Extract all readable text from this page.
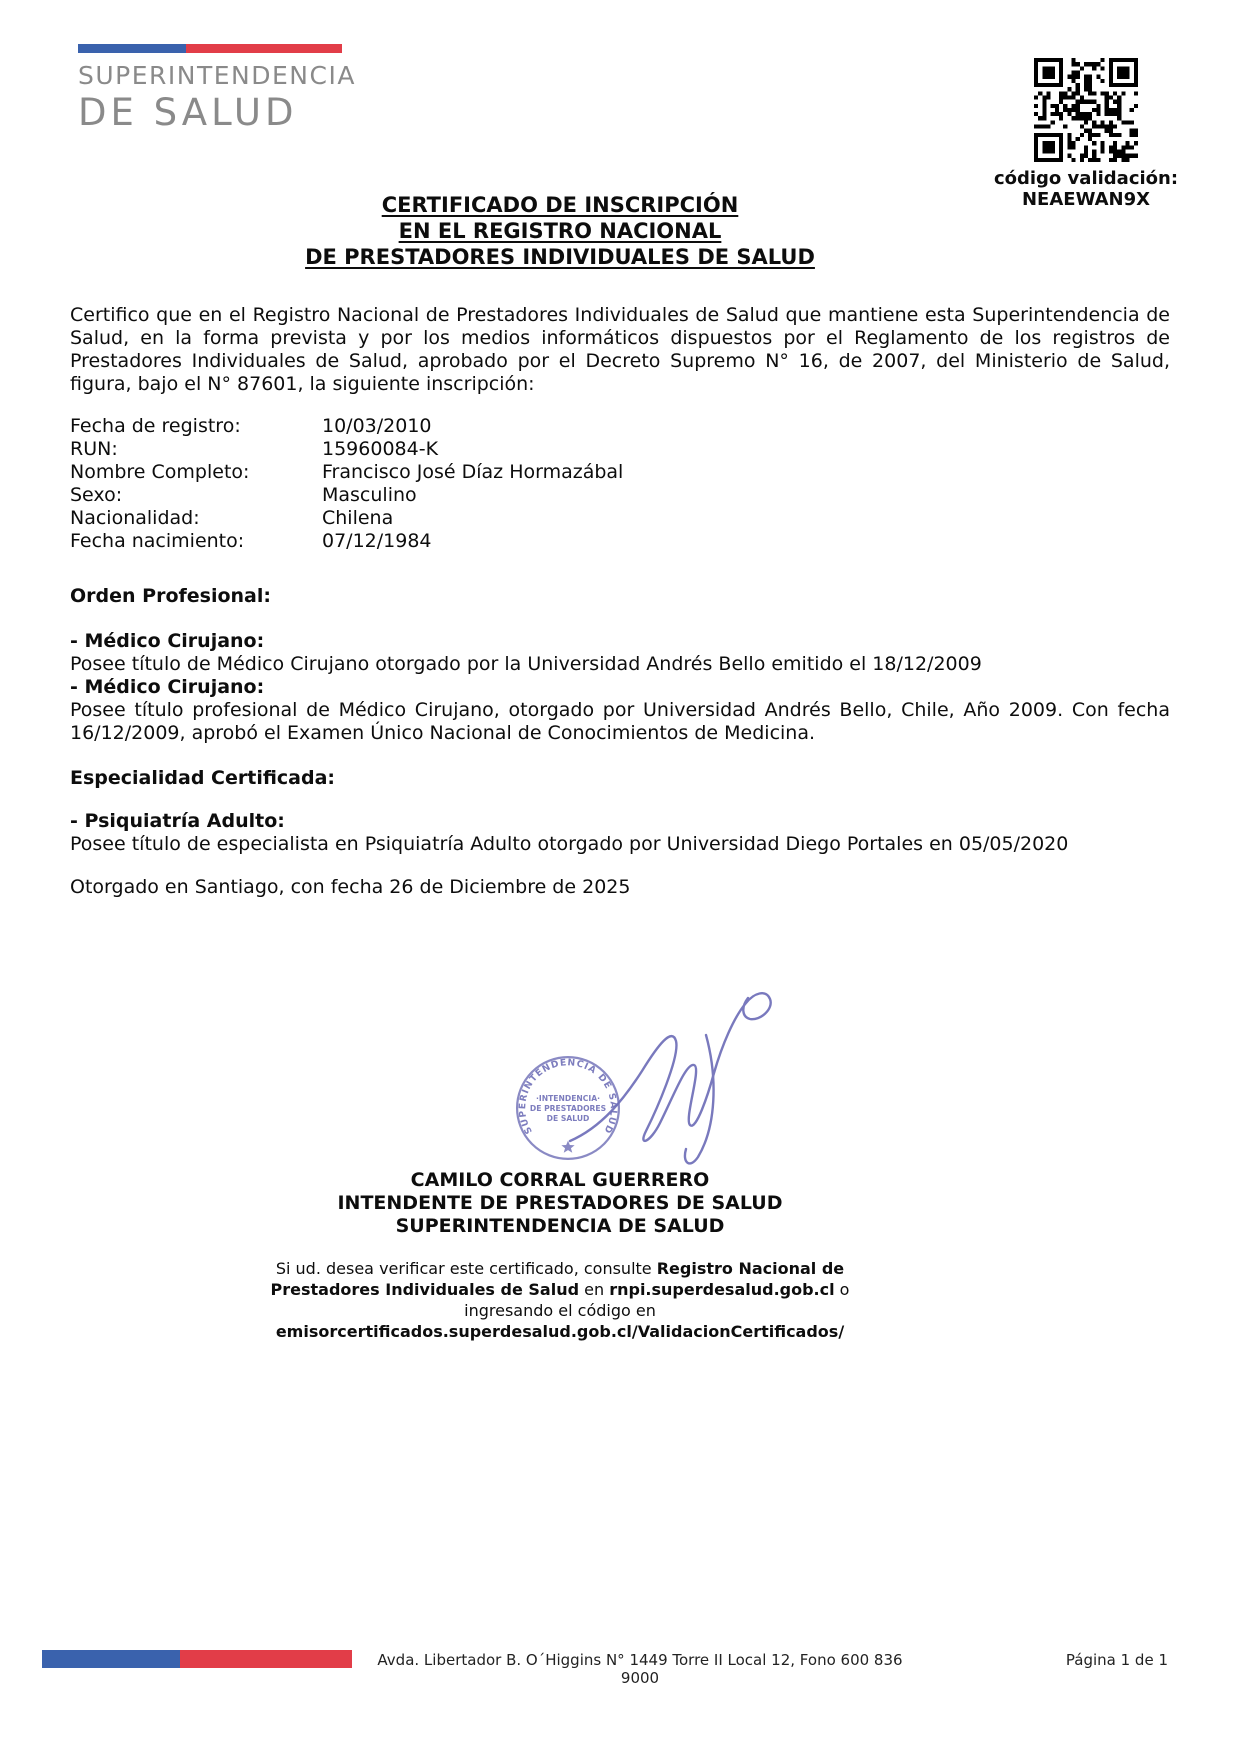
SUPERINTENDENCIA
DE SALUD
código validación:
NEAEWAN9X
CERTIFICADO DE INSCRIPCIÓN
EN EL REGISTRO NACIONAL
DE PRESTADORES INDIVIDUALES DE SALUD

Certifico que en el Registro Nacional de Prestadores Individuales de Salud que mantiene esta Superintendencia de Salud, en la forma prevista y por los medios informáticos dispuestos por el Reglamento de los registros de Prestadores Individuales de Salud, aprobado por el Decreto Supremo N° 16, de 2007, del Ministerio de Salud, figura, bajo el N° 87601, la siguiente inscripción:

Fecha de registro:	10/03/2010
RUN:	15960084-K
Nombre Completo:	Francisco José Díaz Hormazábal
Sexo:	Masculino
Nacionalidad:	Chilena
Fecha nacimiento:	07/12/1984
Orden Profesional:
- Médico Cirujano:

Posee título de Médico Cirujano otorgado por la Universidad Andrés Bello emitido el 18/12/2009

- Médico Cirujano:

Posee título profesional de Médico Cirujano, otorgado por Universidad Andrés Bello, Chile, Año 2009. Con fecha 16/12/2009, aprobó el Examen Único Nacional de Conocimientos de Medicina.

Especialidad Certificada:
- Psiquiatría Adulto:

Posee título de especialista en Psiquiatría Adulto otorgado por Universidad Diego Portales en 05/05/2020

Otorgado en Santiago, con fecha 26 de Diciembre de 2025

SUPERINTENDENCIA DE SALUD
·INTENDENCIA·
DE PRESTADORES
DE SALUD
CAMILO CORRAL GUERRERO
INTENDENTE DE PRESTADORES DE SALUD
SUPERINTENDENCIA DE SALUD

Si ud. desea verificar este certificado, consulte Registro Nacional de Prestadores Individuales de Salud en rnpi.superdesalud.gob.cl o ingresando el código en emisorcertificados.superdesalud.gob.cl/ValidacionCertificados/

Avda. Libertador B. O´Higgins N° 1449 Torre II Local 12, Fono 600 836 9000
Página 1 de 1
